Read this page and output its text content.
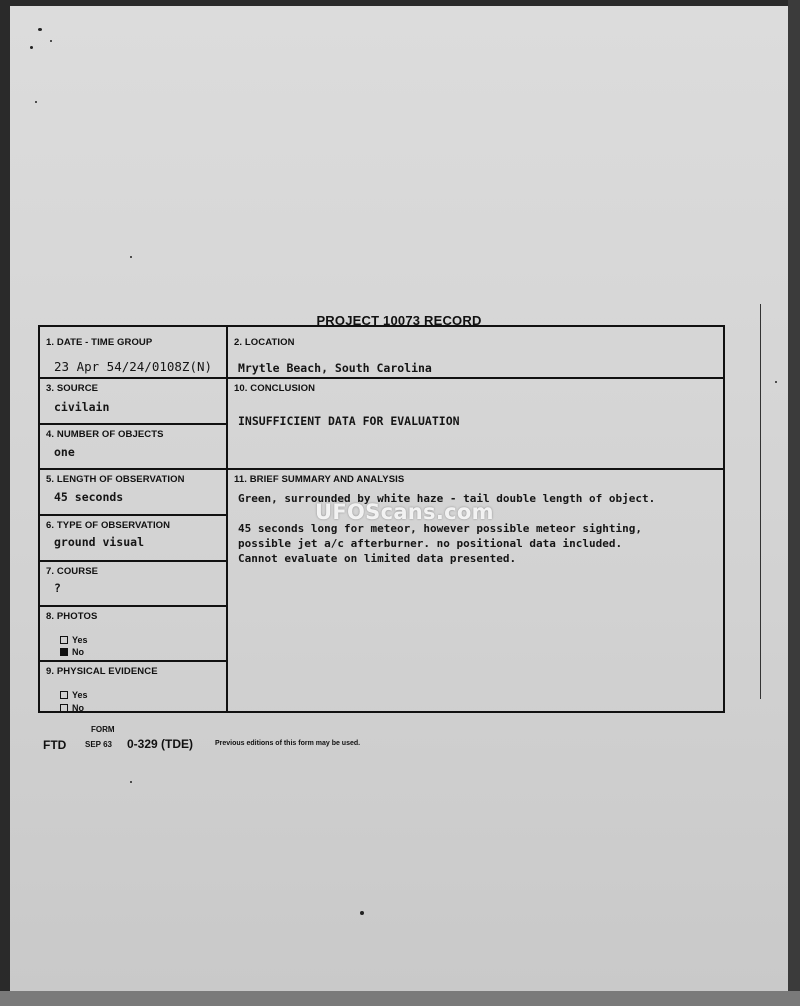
PROJECT 10073 RECORD
1. DATE - TIME GROUP
23 Apr 54/24/0108Z(N)
2. LOCATION
Mrytle Beach, South Carolina
3. SOURCE
civilain
10. CONCLUSION
INSUFFICIENT DATA FOR EVALUATION
4. NUMBER OF OBJECTS
one
5. LENGTH OF OBSERVATION
45 seconds
11. BRIEF SUMMARY AND ANALYSIS
Green, surrounded by white haze - tail double length of object.
45 seconds long for meteor, however possible meteor sighting,
possible jet a/c afterburner. no positional data included.
Cannot evaluate on limited data presented.
6. TYPE OF OBSERVATION
ground visual
7. COURSE
?
8. PHOTOS
Yes
No
9. PHYSICAL EVIDENCE
Yes
No
FTD
FORM
SEP 63 0-329 (TDE)	Previous editions of this form may be used.
UFOScans.com
